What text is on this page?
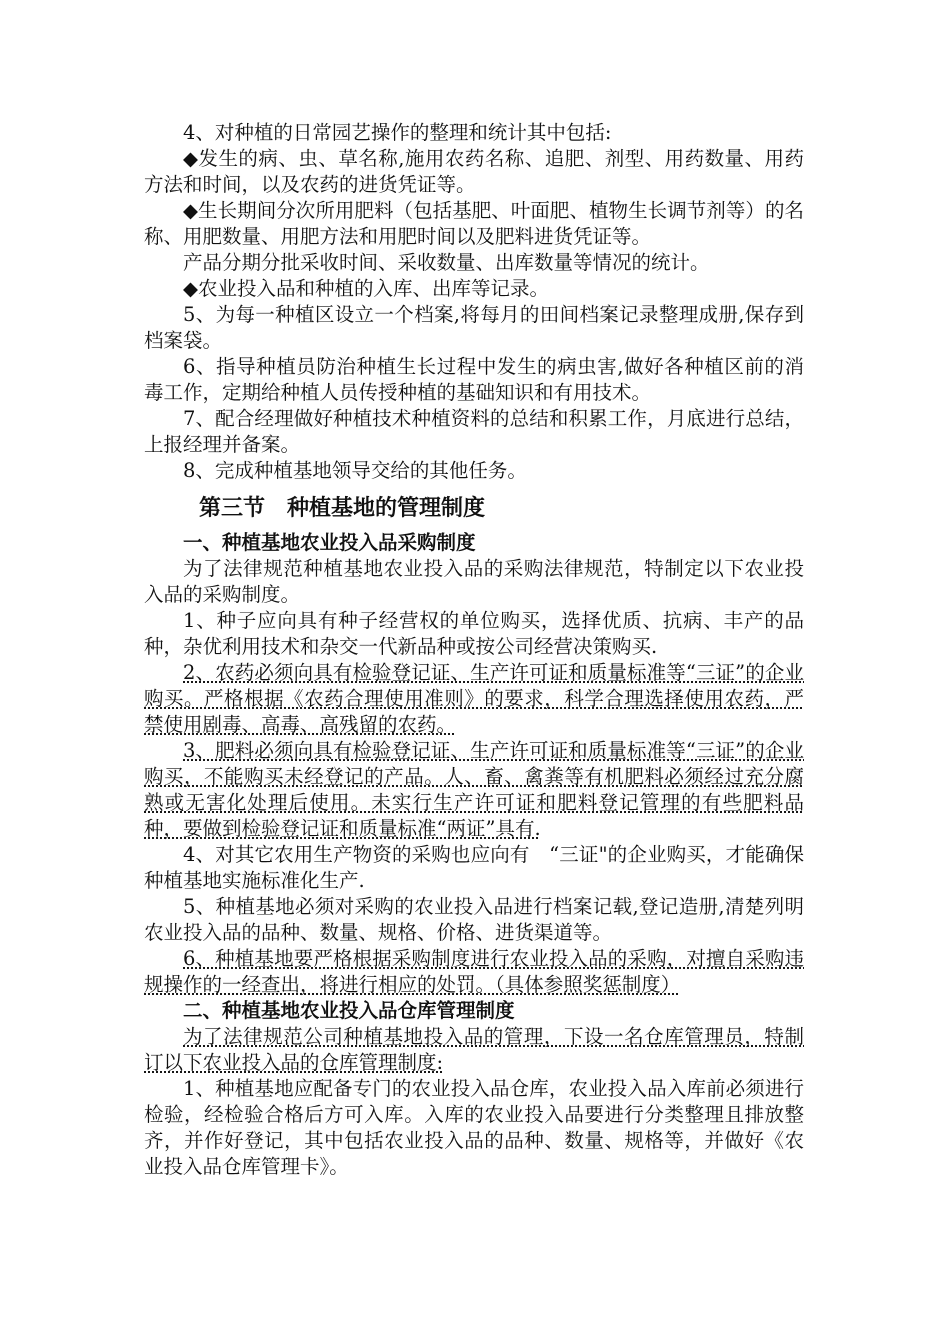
4、对种植的日常园艺操作的整理和统计其中包括:

◆发生的病、虫、草名称,施用农药名称、追肥、剂型、用药数量、用药方法和时间，以及农药的进货凭证等。

◆生长期间分次所用肥料（包括基肥、叶面肥、植物生长调节剂等）的名称、用肥数量、用肥方法和用肥时间以及肥料进货凭证等。

产品分期分批采收时间、采收数量、出库数量等情况的统计。

◆农业投入品和种植的入库、出库等记录。

5、为每一种植区设立一个档案,将每月的田间档案记录整理成册,保存到档案袋。

6、指导种植员防治种植生长过程中发生的病虫害,做好各种植区前的消毒工作，定期给种植人员传授种植的基础知识和有用技术。

7、配合经理做好种植技术种植资料的总结和积累工作，月底进行总结，上报经理并备案。

8、完成种植基地领导交给的其他任务。

第三节　种植基地的管理制度
一、种植基地农业投入品采购制度

为了法律规范种植基地农业投入品的采购法律规范，特制定以下农业投入品的采购制度。

1、种子应向具有种子经营权的单位购买，选择优质、抗病、丰产的品种，杂优利用技术和杂交一代新品种或按公司经营决策购买.

2、农药必须向具有检验登记证、生产许可证和质量标准等“三证”的企业购买。严格根据《农药合理使用准则》的要求，科学合理选择使用农药，严禁使用剧毒、高毒、高残留的农药。

3、肥料必须向具有检验登记证、生产许可证和质量标准等“三证”的企业购买，不能购买未经登记的产品。人、畜、禽粪等有机肥料必须经过充分腐熟或无害化处理后使用。未实行生产许可证和肥料登记管理的有些肥料品种，要做到检验登记证和质量标准“两证”具有.

4、对其它农用生产物资的采购也应向有　“三证"的企业购买，才能确保种植基地实施标准化生产.

5、种植基地必须对采购的农业投入品进行档案记载,登记造册,清楚列明农业投入品的品种、数量、规格、价格、进货渠道等。

6、种植基地要严格根据采购制度进行农业投入品的采购，对擅自采购违规操作的一经查出，将进行相应的处罚。（具体参照奖惩制度）

二、种植基地农业投入品仓库管理制度

为了法律规范公司种植基地投入品的管理，下设一名仓库管理员，特制订以下农业投入品的仓库管理制度:

1、种植基地应配备专门的农业投入品仓库，农业投入品入库前必须进行检验，经检验合格后方可入库。入库的农业投入品要进行分类整理且排放整齐，并作好登记，其中包括农业投入品的品种、数量、规格等，并做好《农业投入品仓库管理卡》。
